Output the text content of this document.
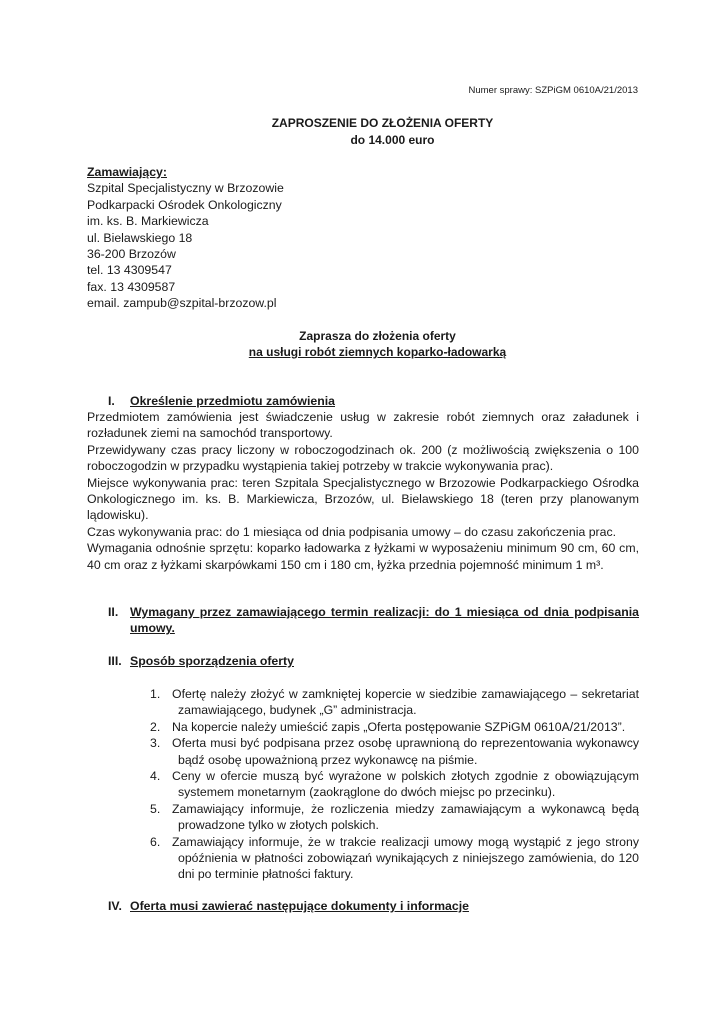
Numer sprawy: SZPiGM 0610A/21/2013
ZAPROSZENIE DO ZŁOŻENIA OFERTY
do 14.000 euro
Zamawiający:
Szpital Specjalistyczny w Brzozowie
Podkarpacki Ośrodek Onkologiczny
im. ks. B. Markiewicza
ul. Bielawskiego 18
36-200 Brzozów
tel. 13 4309547
fax. 13 4309587
email. zampub@szpital-brzozow.pl
Zaprasza do złożenia oferty
na usługi robót ziemnych koparko-ładowarką
I.	Określenie przedmiotu zamówienia

Przedmiotem zamówienia jest świadczenie usług w zakresie robót ziemnych oraz załadunek i rozładunek ziemi na samochód transportowy.

Przewidywany czas pracy liczony w roboczogodzinach ok. 200 (z możliwością zwiększenia o 100 roboczogodzin w przypadku wystąpienia takiej potrzeby w trakcie wykonywania prac).

Miejsce wykonywania prac: teren Szpitala Specjalistycznego w Brzozowie Podkarpackiego Ośrodka Onkologicznego im. ks. B. Markiewicza, Brzozów, ul. Bielawskiego 18 (teren przy planowanym lądowisku).

Czas wykonywania prac: do 1 miesiąca od dnia podpisania umowy – do czasu zakończenia prac.

Wymagania odnośnie sprzętu: koparko ładowarka z łyżkami w wyposażeniu minimum 90 cm, 60 cm, 40 cm oraz z łyżkami skarpówkami 150 cm i 180 cm, łyżka przednia pojemność minimum 1 m³.

II. Wymagany przez zamawiającego termin realizacji: do 1 miesiąca od dnia podpisania
umowy.
III. Sposób sporządzenia oferty
1. Ofertę należy złożyć w zamkniętej kopercie w siedzibie zamawiającego – sekretariat
zamawiającego, budynek „G” administracja.
2. Na kopercie należy umieścić zapis „Oferta postępowanie SZPiGM 0610A/21/2013”.
3. Oferta musi być podpisana przez osobę uprawnioną do reprezentowania wykonawcy
bądź osobę upoważnioną przez wykonawcę na piśmie.
4. Ceny w ofercie muszą być wyrażone w polskich złotych zgodnie z obowiązującym
systemem monetarnym (zaokrąglone do dwóch miejsc po przecinku).
5. Zamawiający informuje, że rozliczenia miedzy zamawiającym a wykonawcą będą
prowadzone tylko w złotych polskich.
6. Zamawiający informuje, że w trakcie realizacji umowy mogą wystąpić z jego strony
opóźnienia w płatności zobowiązań wynikających z niniejszego zamówienia, do 120
dni po terminie płatności faktury.
IV. Oferta musi zawierać następujące dokumenty i informacje
